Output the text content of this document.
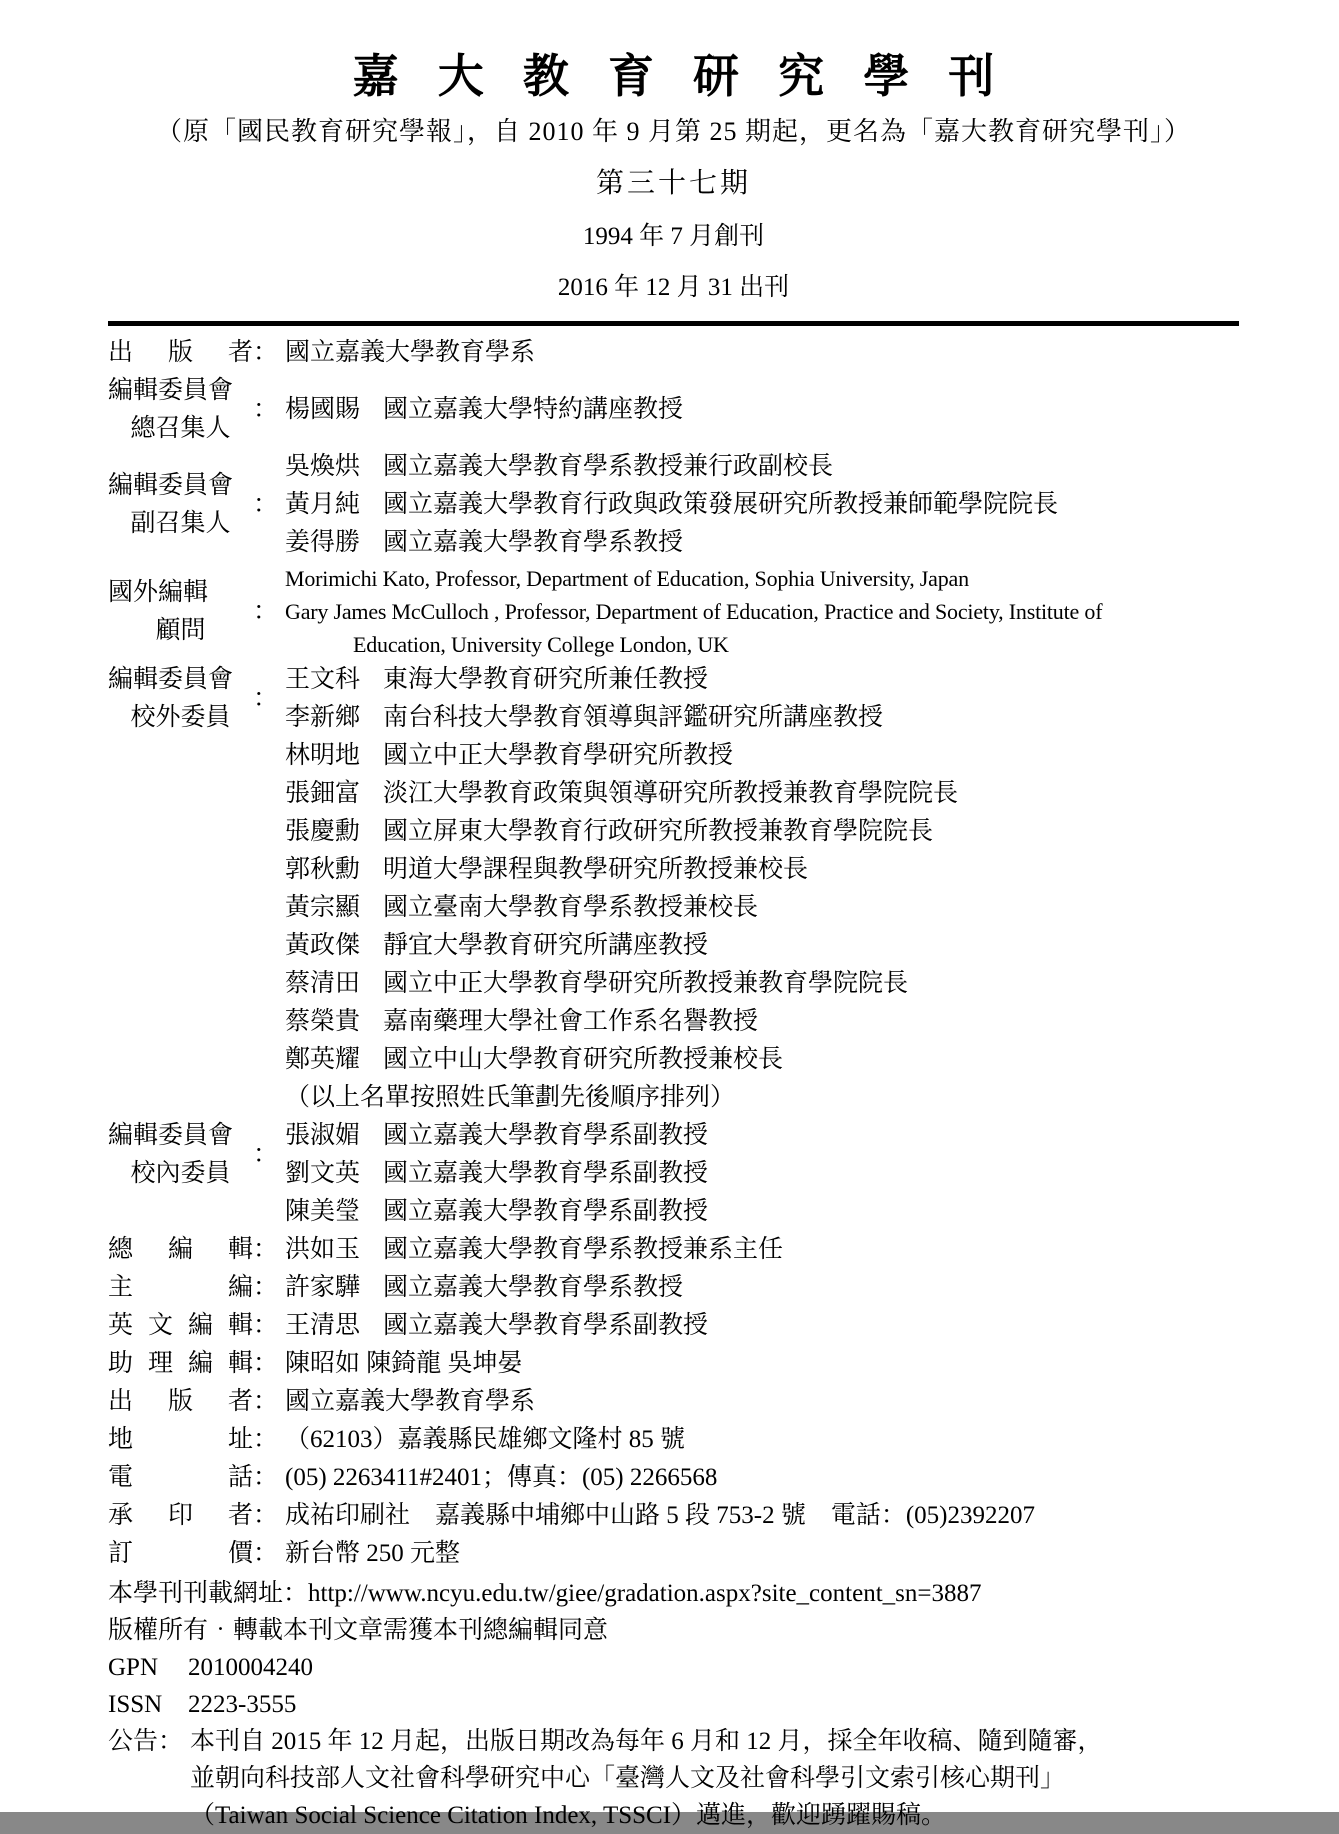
嘉大教育研究學刊
（原「國民教育研究學報」，自 2010 年 9 月第 25 期起，更名為「嘉大教育研究學刊」）
第三十七期
1994 年 7 月創刊
2016 年 12 月 31 出刊
出版者 ： 國立嘉義大學教育學系
編輯委員會
總召集人
： 楊國賜 國立嘉義大學特約講座教授
編輯委員會
副召集人
：
吳煥烘 國立嘉義大學教育學系教授兼行政副校長
黃月純 國立嘉義大學教育行政與政策發展研究所教授兼師範學院院長
姜得勝 國立嘉義大學教育學系教授
國外編輯
顧問
：
Morimichi Kato, Professor, Department of Education, Sophia University, Japan
Gary James McCulloch , Professor, Department of Education, Practice and Society, Institute of
Education, University College London, UK
編輯委員會
校外委員
：
王文科 東海大學教育研究所兼任教授
李新鄉 南台科技大學教育領導與評鑑研究所講座教授
林明地 國立中正大學教育學研究所教授
張鈿富 淡江大學教育政策與領導研究所教授兼教育學院院長
張慶勳 國立屏東大學教育行政研究所教授兼教育學院院長
郭秋勳 明道大學課程與教學研究所教授兼校長
黃宗顯 國立臺南大學教育學系教授兼校長
黃政傑 靜宜大學教育研究所講座教授
蔡清田 國立中正大學教育學研究所教授兼教育學院院長
蔡榮貴 嘉南藥理大學社會工作系名譽教授
鄭英耀 國立中山大學教育研究所教授兼校長
（以上名單按照姓氏筆劃先後順序排列）
編輯委員會
校內委員
：
張淑媚 國立嘉義大學教育學系副教授
劉文英 國立嘉義大學教育學系副教授
陳美瑩 國立嘉義大學教育學系副教授
總編輯 ： 洪如玉 國立嘉義大學教育學系教授兼系主任
主編 ： 許家驊 國立嘉義大學教育學系教授
英文編輯 ： 王清思 國立嘉義大學教育學系副教授
助理編輯 ： 陳昭如 陳錡龍 吳坤晏
出版者 ： 國立嘉義大學教育學系
地址 ： （62103）嘉義縣民雄鄉文隆村 85 號
電話 ： (05) 2263411#2401；傳真：(05) 2266568
承印者 ： 成祐印刷社　嘉義縣中埔鄉中山路 5 段 753-2 號　電話：(05)2392207
訂價 ： 新台幣 250 元整
本學刊刊載網址：http://www.ncyu.edu.tw/giee/gradation.aspx?site_content_sn=3887
版權所有‧轉載本刊文章需獲本刊總編輯同意
GPN 2010004240
ISSN 2223-3555
公告： 本刊自 2015 年 12 月起，出版日期改為每年 6 月和 12 月，採全年收稿、隨到隨審，
並朝向科技部人文社會科學研究中心「臺灣人文及社會科學引文索引核心期刊」
（Taiwan Social Science Citation Index, TSSCI）邁進，歡迎踴躍賜稿。
